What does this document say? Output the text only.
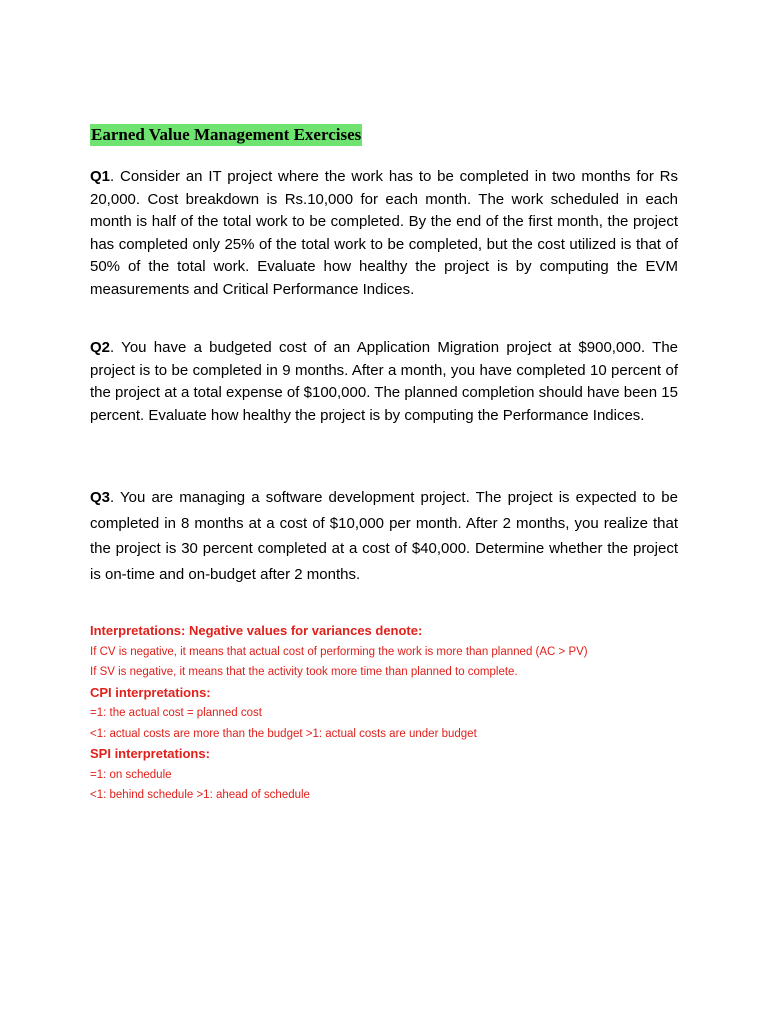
Earned Value Management Exercises

Q1. Consider an IT project where the work has to be completed in two months for Rs 20,000. Cost breakdown is Rs.10,000 for each month. The work scheduled in each month is half of the total work to be completed. By the end of the first month, the project has completed only 25% of the total work to be completed, but the cost utilized is that of 50% of the total work. Evaluate how healthy the project is by computing the EVM measurements and Critical Performance Indices.

Q2. You have a budgeted cost of an Application Migration project at $900,000. The project is to be completed in 9 months. After a month, you have completed 10 percent of the project at a total expense of $100,000. The planned completion should have been 15 percent. Evaluate how healthy the project is by computing the Performance Indices.

Q3. You are managing a software development project. The project is expected to be completed in 8 months at a cost of $10,000 per month. After 2 months, you realize that the project is 30 percent completed at a cost of $40,000. Determine whether the project is on-time and on-budget after 2 months.

Interpretations: Negative values for variances denote:
If CV is negative, it means that actual cost of performing the work is more than planned (AC > PV)
If SV is negative, it means that the activity took more time than planned to complete.
CPI interpretations:
=1: the actual cost = planned cost
<1: actual costs are more than the budget >1: actual costs are under budget
SPI interpretations:
=1: on schedule
<1: behind schedule >1: ahead of schedule
